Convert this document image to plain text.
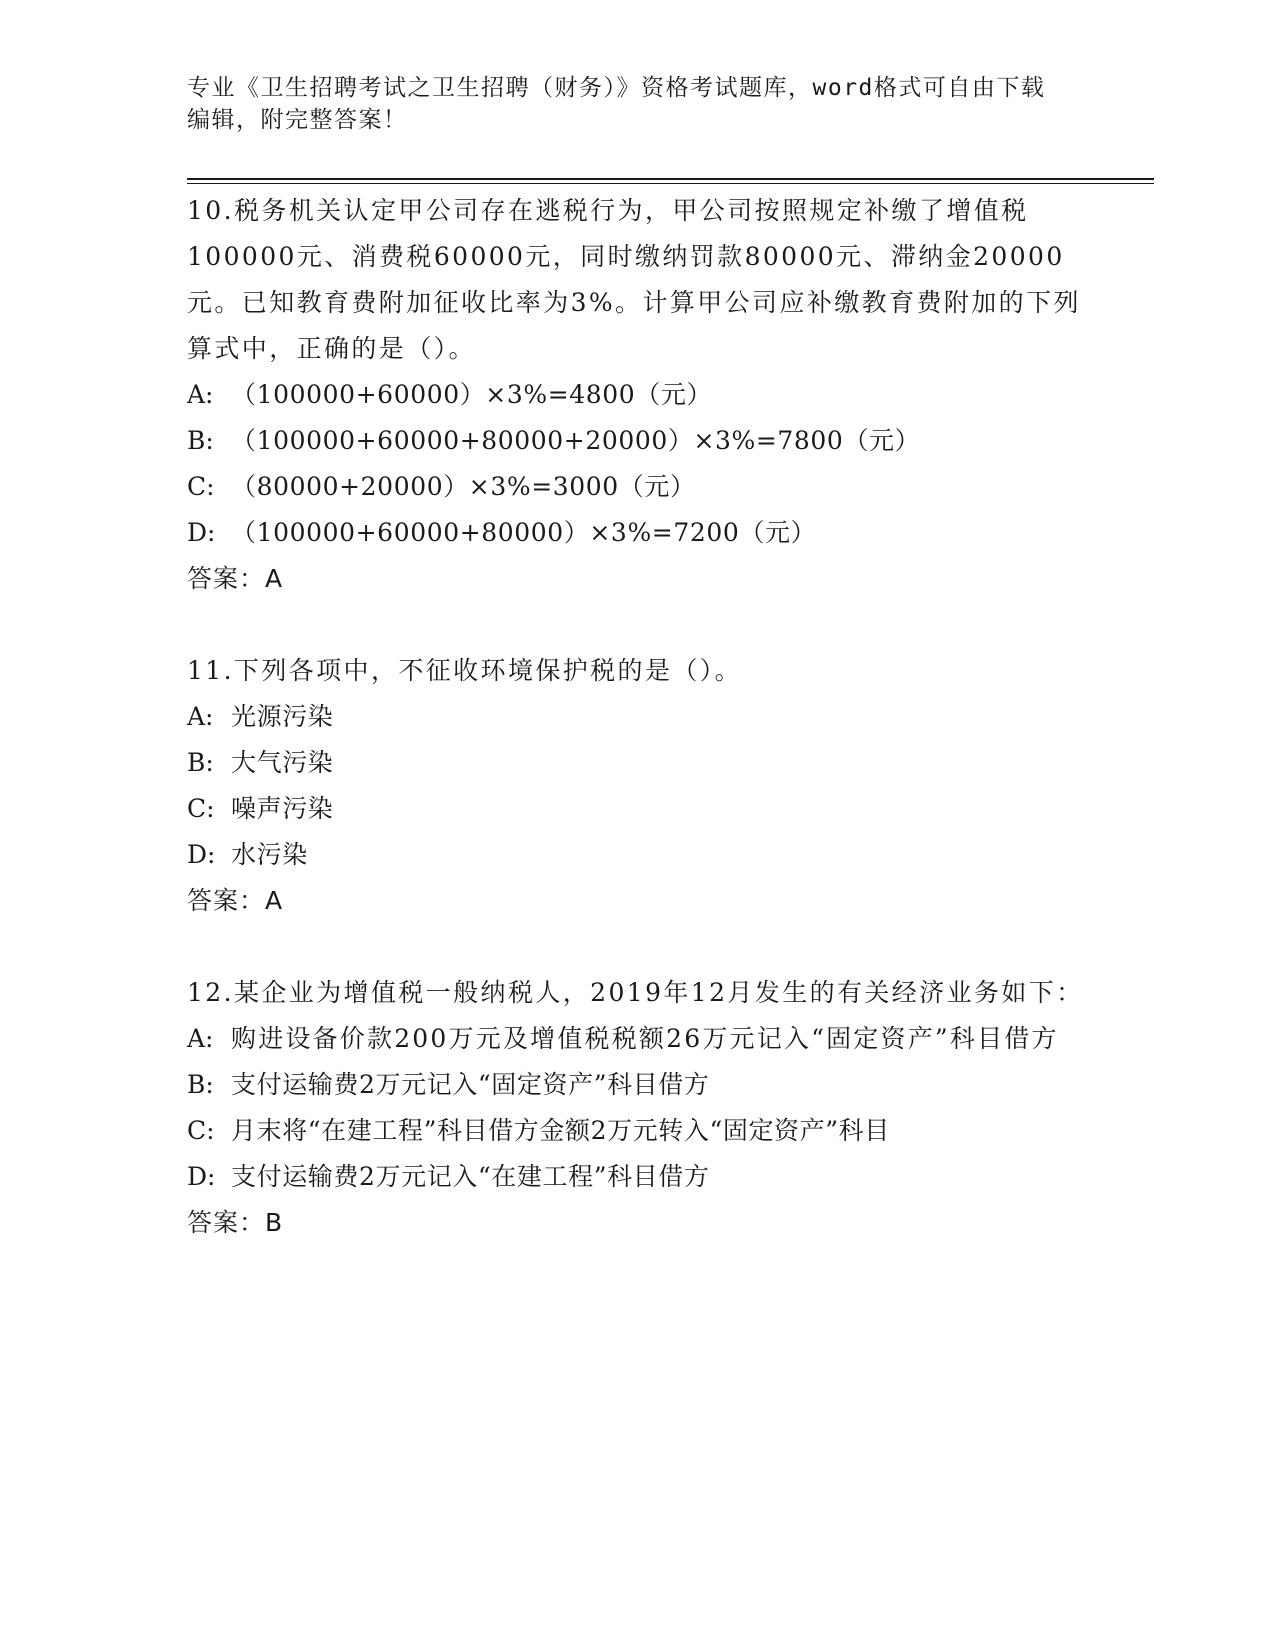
专业《卫生招聘考试之卫生招聘（财务）》资格考试题库，word格式可自由下载
编辑，附完整答案！
10.税务机关认定甲公司存在逃税行为，甲公司按照规定补缴了增值税100000元、消费税60000元，同时缴纳罚款80000元、滞纳金20000元。已知教育费附加征收比率为3%。计算甲公司应补缴教育费附加的下列算式中，正确的是（）。
A: （100000+60000）×3%=4800（元）
B: （100000+60000+80000+20000）×3%=7800（元）
C: （80000+20000）×3%=3000（元）
D: （100000+60000+80000）×3%=7200（元）
答案：A
11.下列各项中，不征收环境保护税的是（）。
A: 光源污染
B: 大气污染
C: 噪声污染
D: 水污染
答案：A
12.某企业为增值税一般纳税人，2019年12月发生的有关经济业务如下：
A: 购进设备价款200万元及增值税税额26万元记入“固定资产”科目借方
B: 支付运输费2万元记入“固定资产”科目借方
C: 月末将“在建工程”科目借方金额2万元转入“固定资产”科目
D: 支付运输费2万元记入“在建工程”科目借方
答案：B
